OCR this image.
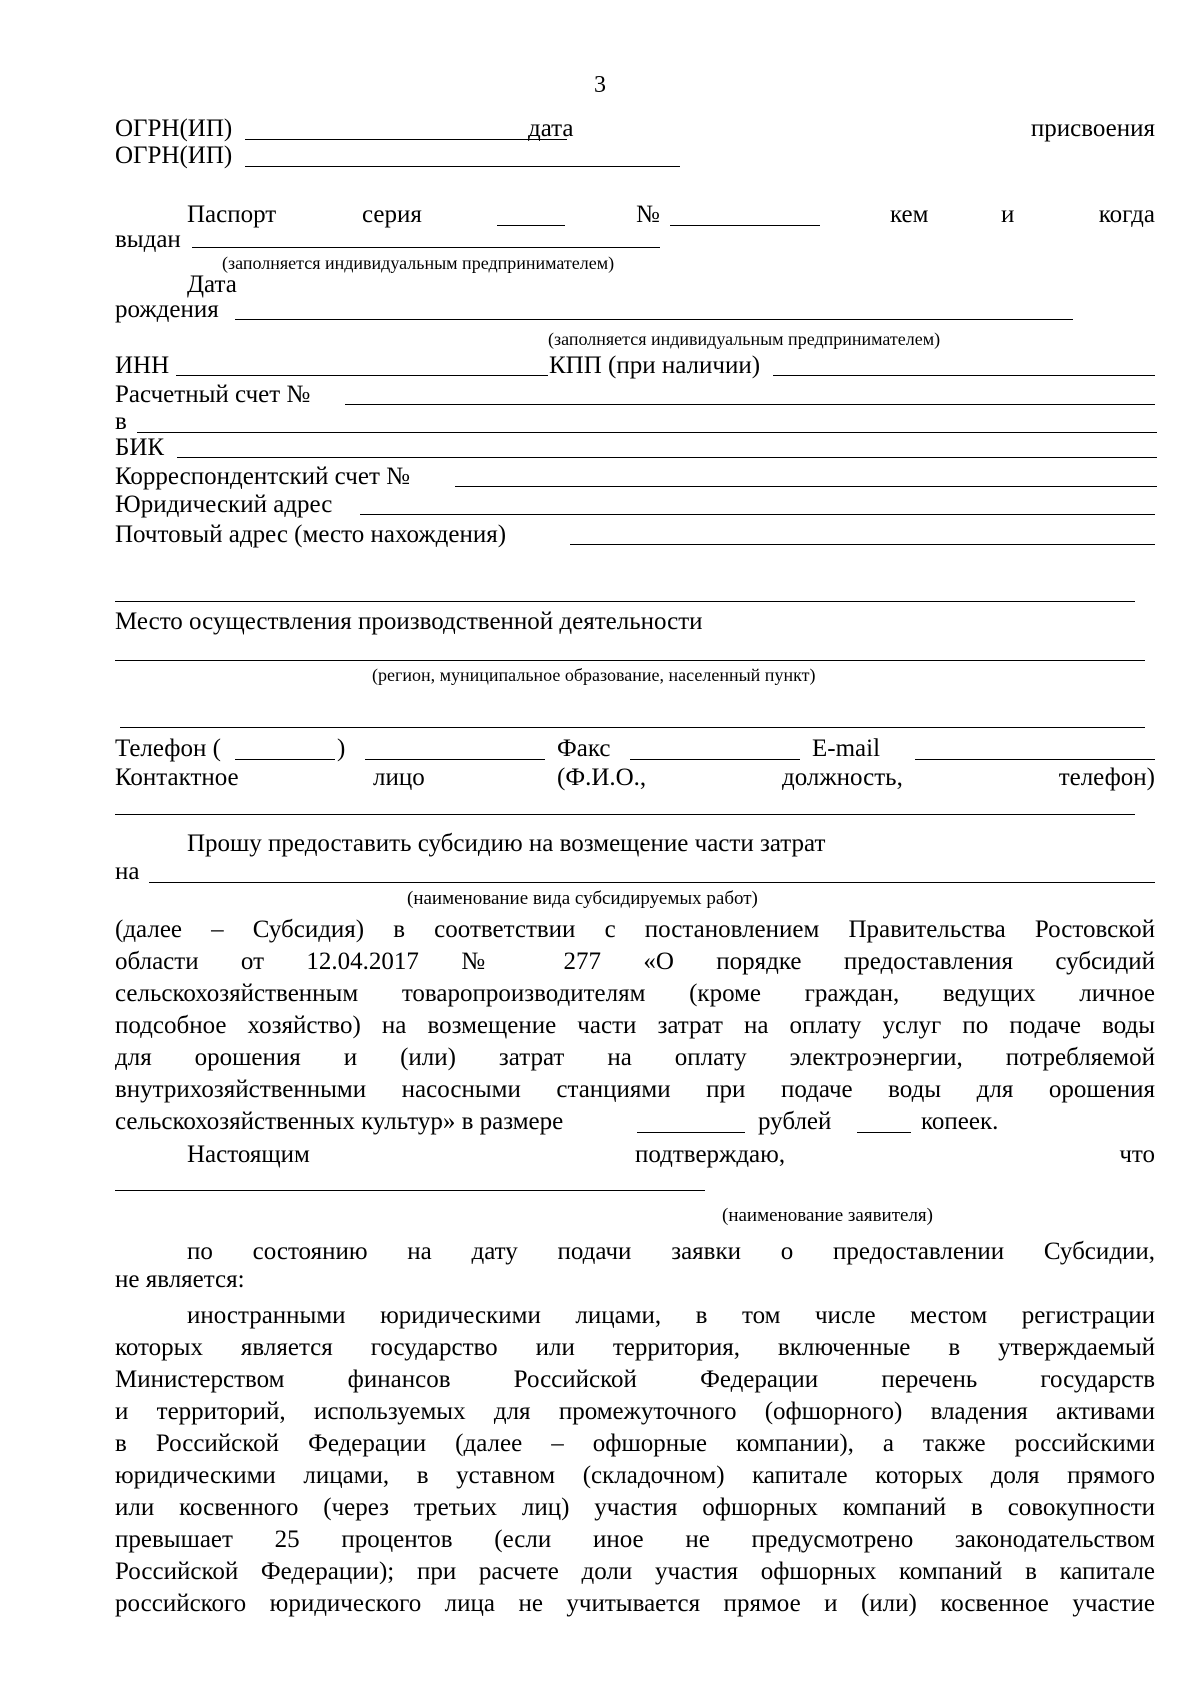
3
ОГРН(ИП)	дата	присвоения
ОГРН(ИП)
Паспорт	серия	№	кем	и	когда
выдан
(заполняется индивидуальным предпринимателем)
Дата
рождения
(заполняется индивидуальным предпринимателем)
ИНН	КПП (при наличии)
Расчетный счет №
в
БИК
Корреспондентский счет №
Юридический адрес
Почтовый адрес (место нахождения)
Место осуществления производственной деятельности
(регион, муниципальное образование, населенный пункт)
Телефон (	)	Факс	E-mail
Контактное	лицо	(Ф.И.О.,	должность,	телефон)
Прошу предоставить субсидию на возмещение части затрат
на
(наименование вида субсидируемых работ)
(далее – Субсидия) в соответствии с постановлением Правительства Ростовской
области от 12.04.2017 № 277 «О порядке предоставления субсидий
сельскохозяйственным товаропроизводителям (кроме граждан, ведущих личное
подсобное хозяйство) на возмещение части затрат на оплату услуг по подаче воды
для орошения и (или) затрат на оплату электроэнергии, потребляемой
внутрихозяйственными насосными станциями при подаче воды для орошения
сельскохозяйственных культур» в размере	рублей	копеек.
Настоящим	подтверждаю,	что
(наименование заявителя)
по состоянию на дату подачи заявки о предоставлении Субсидии,
не является:
иностранными юридическими лицами, в том числе местом регистрации
которых является государство или территория, включенные в утверждаемый
Министерством финансов Российской Федерации перечень государств
и территорий, используемых для промежуточного (офшорного) владения активами
в Российской Федерации (далее – офшорные компании), а также российскими
юридическими лицами, в уставном (складочном) капитале которых доля прямого
или косвенного (через третьих лиц) участия офшорных компаний в совокупности
превышает 25 процентов (если иное не предусмотрено законодательством
Российской Федерации); при расчете доли участия офшорных компаний в капитале
российского юридического лица не учитывается прямое и (или) косвенное участие
